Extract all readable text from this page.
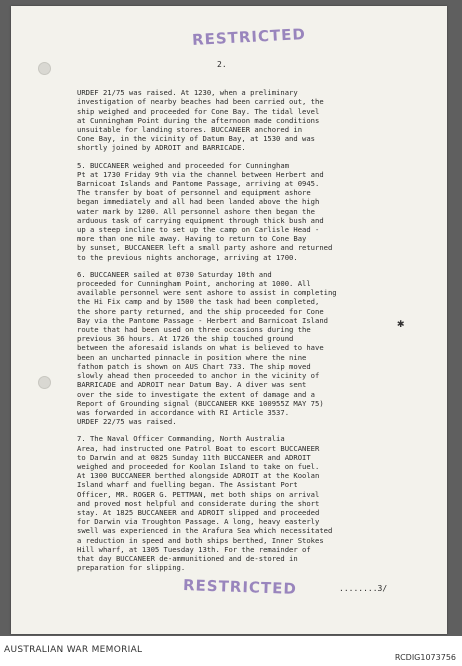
RESTRICTED
2.

URDEF 21/75 was raised. At 1230, when a preliminary
investigation of nearby beaches had been carried out, the
ship weighed and proceeded for Cone Bay. The tidal level
at Cunningham Point during the afternoon made conditions
unsuitable for landing stores. BUCCANEER anchored in
Cone Bay, in the vicinity of Datum Bay, at 1530 and was
shortly joined by ADROIT and BARRICADE.

5. BUCCANEER weighed and proceeded for Cunningham
Pt at 1730 Friday 9th via the channel between Herbert and
Barnicoat Islands and Pantome Passage, arriving at 0945.
The transfer by boat of personnel and equipment ashore
began immediately and all had been landed above the high
water mark by 1200. All personnel ashore then began the
arduous task of carrying equipment through thick bush and
up a steep incline to set up the camp on Carlisle Head -
more than one mile away. Having to return to Cone Bay
by sunset, BUCCANEER left a small party ashore and returned
to the previous nights anchorage, arriving at 1700.

6. BUCCANEER sailed at 0730 Saturday 10th and
proceeded for Cunningham Point, anchoring at 1000. All
available personnel were sent ashore to assist in completing
the Hi Fix camp and by 1500 the task had been completed,
the shore party returned, and the ship proceeded for Cone
Bay via the Pantome Passage - Herbert and Barnicoat Island
route that had been used on three occasions during the
previous 36 hours. At 1726 the ship touched ground
between the aforesaid islands on what is believed to have
been an uncharted pinnacle in position where the nine
fathom patch is shown on AUS Chart 733. The ship moved
slowly ahead then proceeded to anchor in the vicinity of
BARRICADE and ADROIT near Datum Bay. A diver was sent
over the side to investigate the extent of damage and a
Report of Grounding signal (BUCCANEER KKE 100955Z MAY 75)
was forwarded in accordance with RI Article 3537.
URDEF 22/75 was raised.

7. The Naval Officer Commanding, North Australia
Area, had instructed one Patrol Boat to escort BUCCANEER
to Darwin and at 0825 Sunday 11th BUCCANEER and ADROIT
weighed and proceeded for Koolan Island to take on fuel.
At 1300 BUCCANEER berthed alongside ADROIT at the Koolan
Island wharf and fuelling began. The Assistant Port
Officer, MR. ROGER G. PETTMAN, met both ships on arrival
and proved most helpful and considerate during the short
stay. At 1825 BUCCANEER and ADROIT slipped and proceeded
for Darwin via Troughton Passage. A long, heavy easterly
swell was experienced in the Arafura Sea which necessitated
a reduction in speed and both ships berthed, Inner Stokes
Hill wharf, at 1305 Tuesday 13th. For the remainder of
that day BUCCANEER de-ammunitioned and de-stored in
preparation for slipping.

✱
........3/
RESTRICTED
AUSTRALIAN WAR MEMORIAL
RCDIG1073756
